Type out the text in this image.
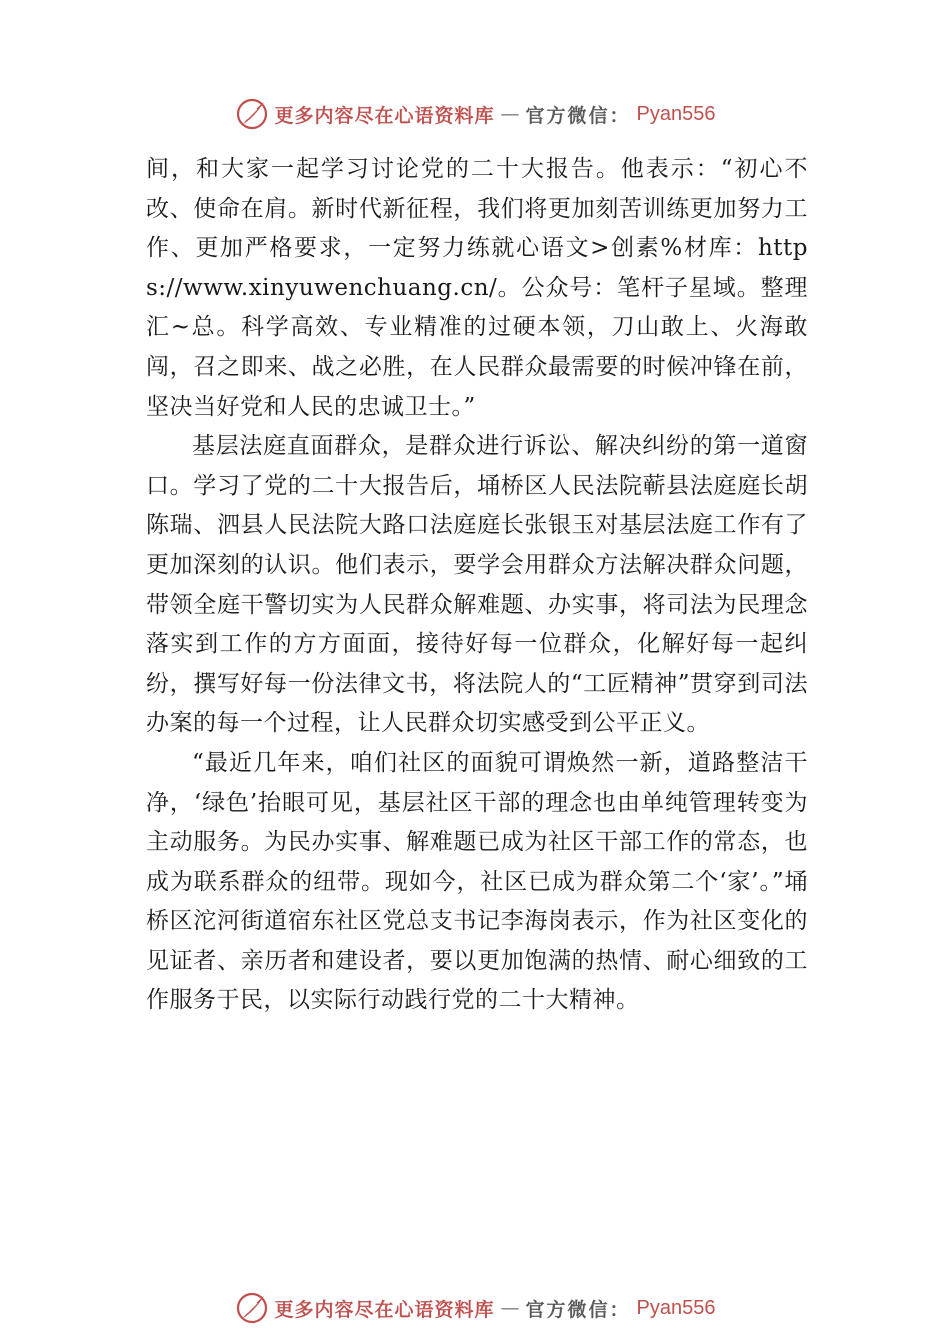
更多内容尽在心语资料库 — 官方微信： Pyan556

间，和大家一起学习讨论党的二十大报告。他表示：“初心不改、使命在肩。新时代新征程，我们将更加刻苦训练更加努力工作、更加严格要求，一定努力练就心语文>创素%材库：https://www.xinyuwenchuang.cn/。公众号：笔杆子星域。整理汇~总。科学高效、专业精准的过硬本领，刀山敢上、火海敢闯，召之即来、战之必胜，在人民群众最需要的时候冲锋在前，坚决当好党和人民的忠诚卫士。”

基层法庭直面群众，是群众进行诉讼、解决纠纷的第一道窗口。学习了党的二十大报告后，埇桥区人民法院蕲县法庭庭长胡陈瑞、泗县人民法院大路口法庭庭长张银玉对基层法庭工作有了更加深刻的认识。他们表示，要学会用群众方法解决群众问题，带领全庭干警切实为人民群众解难题、办实事，将司法为民理念落实到工作的方方面面，接待好每一位群众，化解好每一起纠纷，撰写好每一份法律文书，将法院人的“工匠精神”贯穿到司法办案的每一个过程，让人民群众切实感受到公平正义。

“最近几年来，咱们社区的面貌可谓焕然一新，道路整洁干净，‘绿色’抬眼可见，基层社区干部的理念也由单纯管理转变为主动服务。为民办实事、解难题已成为社区干部工作的常态，也成为联系群众的纽带。现如今，社区已成为群众第二个‘家’。”埇桥区沱河街道宿东社区党总支书记李海岗表示，作为社区变化的见证者、亲历者和建设者，要以更加饱满的热情、耐心细致的工作服务于民，以实际行动践行党的二十大精神。

更多内容尽在心语资料库 — 官方微信： Pyan556
